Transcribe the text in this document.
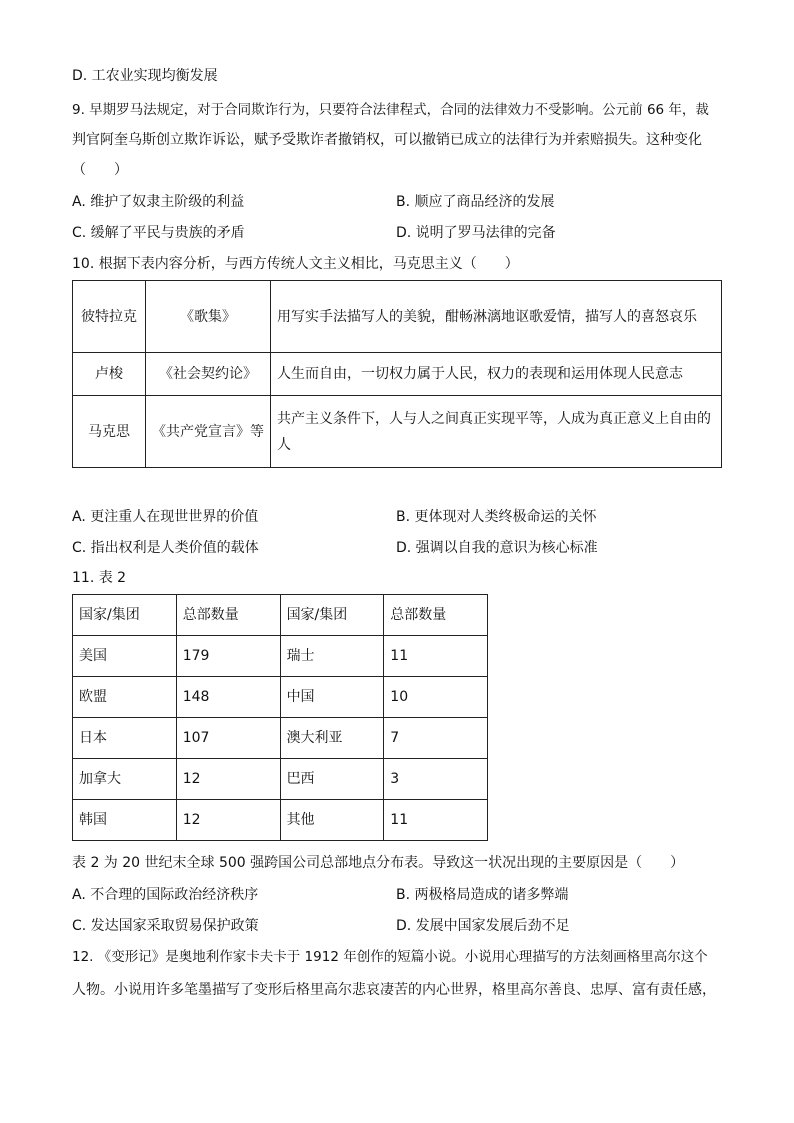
D. 工农业实现均衡发展
9. 早期罗马法规定，对于合同欺诈行为，只要符合法律程式，合同的法律效力不受影响。公元前 66 年，裁
判官阿奎乌斯创立欺诈诉讼，赋予受欺诈者撤销权，可以撤销已成立的法律行为并索赔损失。这种变化
（　　）
A. 维护了奴隶主阶级的利益	B. 顺应了商品经济的发展
C. 缓解了平民与贵族的矛盾	D. 说明了罗马法律的完备
10. 根据下表内容分析，与西方传统人文主义相比，马克思主义（　　）
彼特拉克	《歌集》	用写实手法描写人的美貌，酣畅淋漓地讴歌爱情，描写人的喜怒哀乐
卢梭	《社会契约论》	人生而自由，一切权力属于人民，权力的表现和运用体现人民意志
马克思	《共产党宣言》等	共产主义条件下，人与人之间真正实现平等，人成为真正意义上自由的人
A. 更注重人在现世世界的价值	B. 更体现对人类终极命运的关怀
C. 指出权利是人类价值的载体	D. 强调以自我的意识为核心标准
11. 表 2
国家/集团	总部数量	国家/集团	总部数量
美国	179	瑞士	11
欧盟	148	中国	10
日本	107	澳大利亚	7
加拿大	12	巴西	3
韩国	12	其他	11
表 2 为 20 世纪末全球 500 强跨国公司总部地点分布表。导致这一状况出现的主要原因是（　　）
A. 不合理的国际政治经济秩序	B. 两极格局造成的诸多弊端
C. 发达国家采取贸易保护政策	D. 发展中国家发展后劲不足
12. 《变形记》是奥地利作家卡夫卡于 1912 年创作的短篇小说。小说用心理描写的方法刻画格里高尔这个
人物。小说用许多笔墨描写了变形后格里高尔悲哀凄苦的内心世界，格里高尔善良、忠厚、富有责任感，
